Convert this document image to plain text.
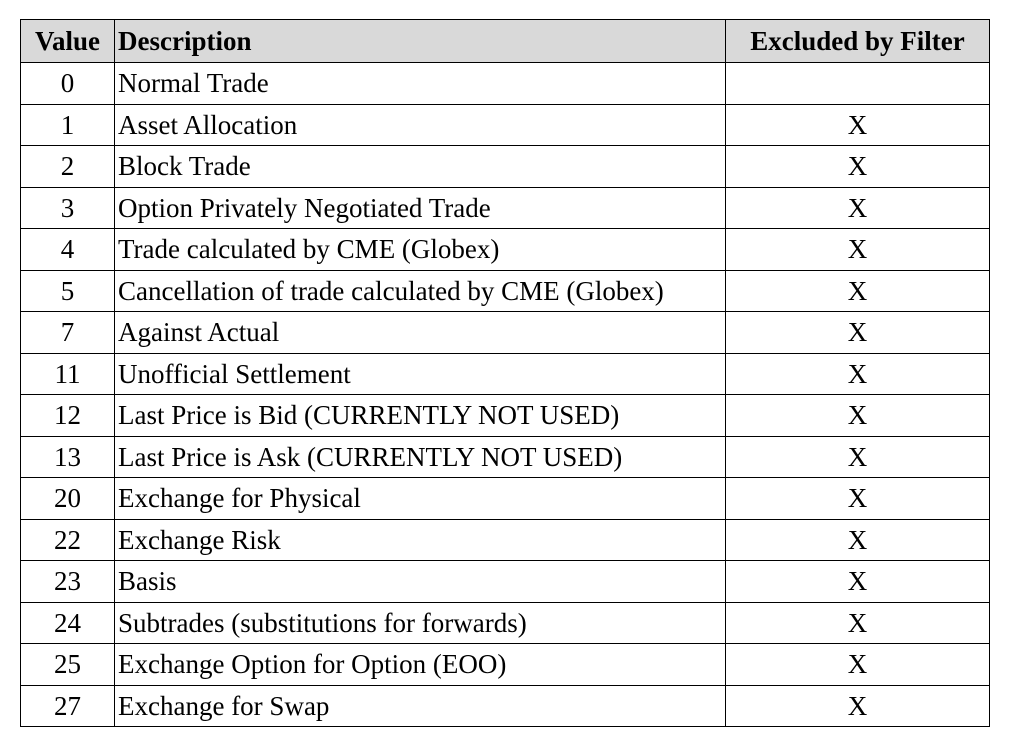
Value	Description	Excluded by Filter
0	Normal Trade	
1	Asset Allocation	X
2	Block Trade	X
3	Option Privately Negotiated Trade	X
4	Trade calculated by CME (Globex)	X
5	Cancellation of trade calculated by CME (Globex)	X
7	Against Actual	X
11	Unofficial Settlement	X
12	Last Price is Bid (CURRENTLY NOT USED)	X
13	Last Price is Ask (CURRENTLY NOT USED)	X
20	Exchange for Physical	X
22	Exchange Risk	X
23	Basis	X
24	Subtrades (substitutions for forwards)	X
25	Exchange Option for Option (EOO)	X
27	Exchange for Swap	X
